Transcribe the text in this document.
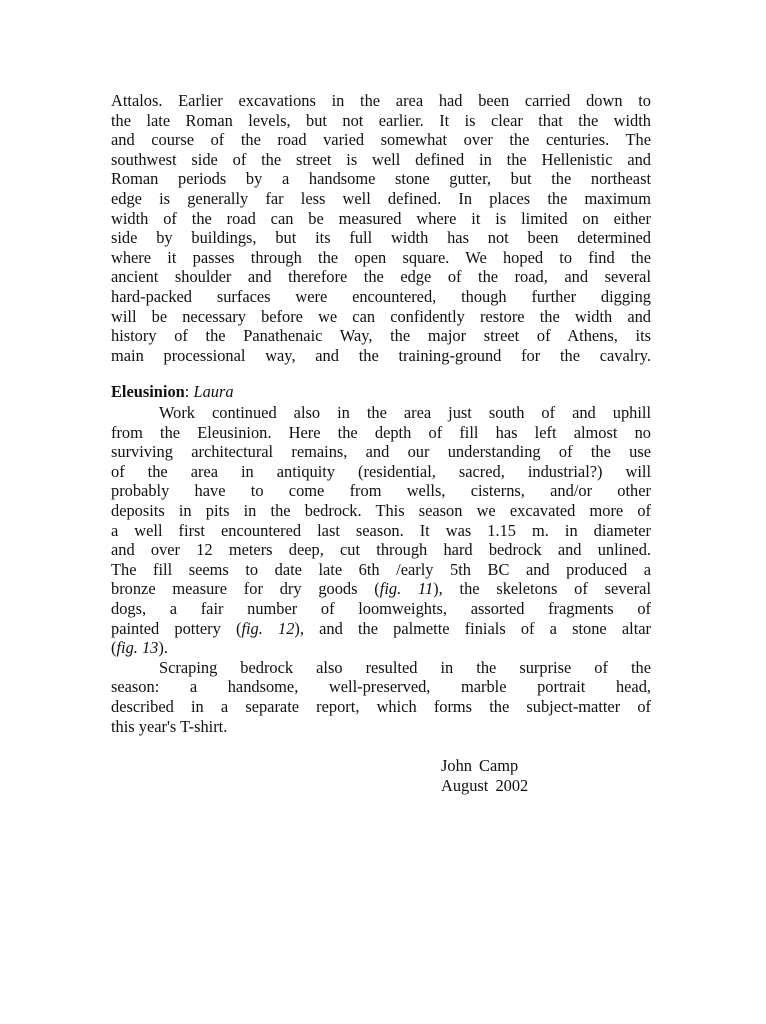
Attalos. Earlier excavations in the area had been carried down to
the late Roman levels, but not earlier. It is clear that the width
and course of the road varied somewhat over the centuries. The
southwest side of the street is well defined in the Hellenistic and
Roman periods by a handsome stone gutter, but the northeast
edge is generally far less well defined. In places the maximum
width of the road can be measured where it is limited on either
side by buildings, but its full width has not been determined
where it passes through the open square. We hoped to find the
ancient shoulder and therefore the edge of the road, and several
hard-packed surfaces were encountered, though further digging
will be necessary before we can confidently restore the width and
history of the Panathenaic Way, the major street of Athens, its
main processional way, and the training-ground for the cavalry.
Eleusinion: Laura
Work continued also in the area just south of and uphill
from the Eleusinion. Here the depth of fill has left almost no
surviving architectural remains, and our understanding of the use
of the area in antiquity (residential, sacred, industrial?) will
probably have to come from wells, cisterns, and/or other
deposits in pits in the bedrock. This season we excavated more of
a well first encountered last season. It was 1.15 m. in diameter
and over 12 meters deep, cut through hard bedrock and unlined.
The fill seems to date late 6th /early 5th BC and produced a
bronze measure for dry goods (fig. 11), the skeletons of several
dogs, a fair number of loomweights, assorted fragments of
painted pottery (fig. 12), and the palmette finials of a stone altar
(fig. 13).
Scraping bedrock also resulted in the surprise of the
season: a handsome, well-preserved, marble portrait head,
described in a separate report, which forms the subject-matter of
this year's T-shirt.
John Camp
August 2002
